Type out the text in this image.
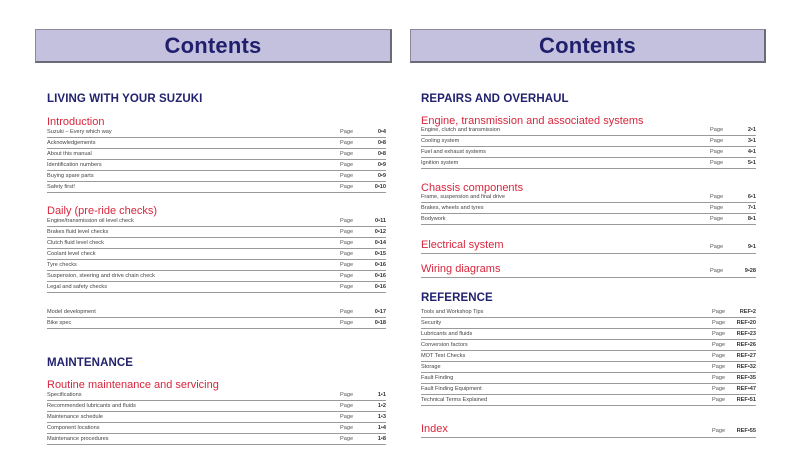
Contents
LIVING WITH YOUR SUZUKI
Introduction
Suzuki – Every which way	Page	0•4
Acknowledgements	Page	0•8
About this manual	Page	0•8
Identification numbers	Page	0•9
Buying spare parts	Page	0•9
Safety first!	Page	0•10
Daily (pre-ride checks)
Engine/transmission oil level check	Page	0•11
Brakes fluid level checks	Page	0•12
Clutch fluid level check	Page	0•14
Coolant level check	Page	0•15
Tyre checks	Page	0•16
Suspension, steering and drive chain check	Page	0•16
Legal and safety checks	Page	0•16
Model development	Page	0•17
Bike spec	Page	0•18
MAINTENANCE
Routine maintenance and servicing
Specifications	Page	1•1
Recommended lubricants and fluids	Page	1•2
Maintenance schedule	Page	1•3
Component locations	Page	1•4
Maintenance procedures	Page	1•8
Contents
REPAIRS AND OVERHAUL
Engine, transmission and associated systems
Engine, clutch and transmission	Page	2•1
Cooling system	Page	3•1
Fuel and exhaust systems	Page	4•1
Ignition system	Page	5•1
Chassis components
Frame, suspension and final drive	Page	6•1
Brakes, wheels and tyres	Page	7•1
Bodywork	Page	8•1
Electrical system	Page	9•1
Wiring diagrams	Page	9•28
REFERENCE
Tools and Workshop Tips	Page	REF•2
Security	Page	REF•20
Lubricants and fluids	Page	REF•23
Conversion factors	Page	REF•26
MOT Test Checks	Page	REF•27
Storage	Page	REF•32
Fault Finding	Page	REF•35
Fault Finding Equipment	Page	REF•47
Technical Terms Explained	Page	REF•51
Index	Page	REF•55
